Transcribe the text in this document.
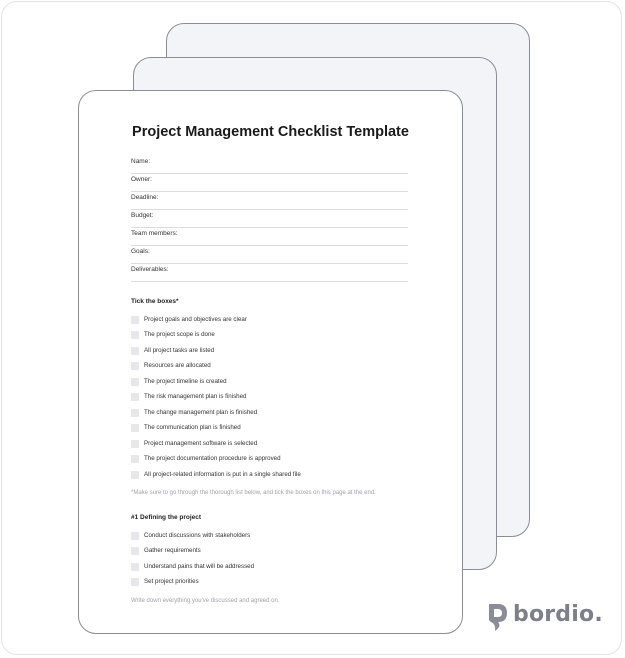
Project Management Checklist Template
Name:
Owner:
Deadline:
Budget:
Team members:
Goals:
Deliverables:
Tick the boxes*
Project goals and objectives are clear
The project scope is done
All project tasks are listed
Resources are allocated
The project timeline is created
The risk management plan is finished
The change management plan is finished
The communication plan is finished
Project management software is selected
The project documentation procedure is approved
All project-related information is put in a single shared file
*Make sure to go through the thorough list below, and tick the boxes on this page at the end.
#1 Defining the project
Conduct discussions with stakeholders
Gather requirements
Understand pains that will be addressed
Set project priorities
Write down everything you've discussed and agreed on.
bordio.
